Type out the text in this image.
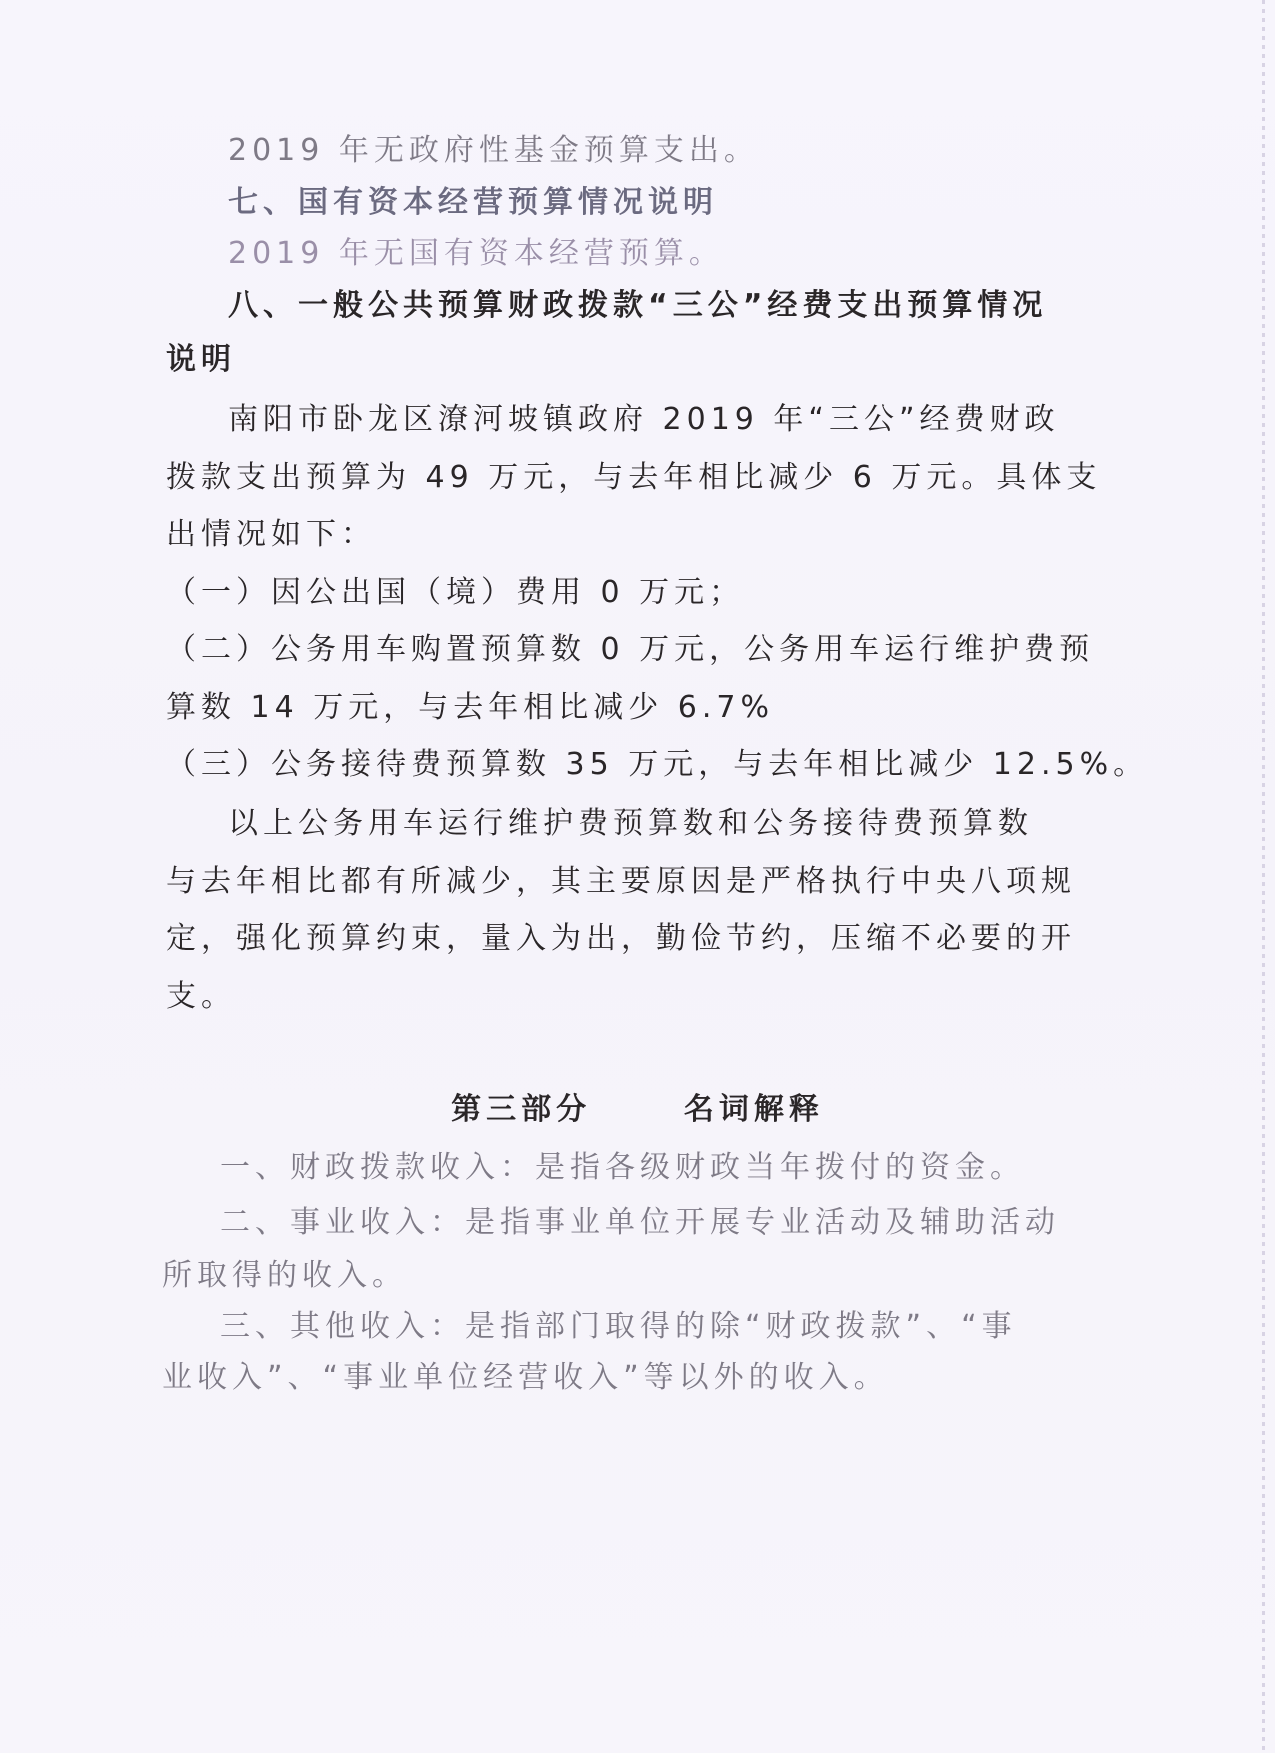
2019 年无政府性基金预算支出。
七、国有资本经营预算情况说明
2019 年无国有资本经营预算。
八、一般公共预算财政拨款“三公”经费支出预算情况
说明
南阳市卧龙区潦河坡镇政府 2019 年“三公”经费财政
拨款支出预算为 49 万元，与去年相比减少 6 万元。具体支
出情况如下：
（一）因公出国（境）费用 0 万元；
（二）公务用车购置预算数 0 万元，公务用车运行维护费预
算数 14 万元，与去年相比减少 6.7%
（三）公务接待费预算数 35 万元，与去年相比减少 12.5%。
以上公务用车运行维护费预算数和公务接待费预算数
与去年相比都有所减少，其主要原因是严格执行中央八项规
定，强化预算约束，量入为出，勤俭节约，压缩不必要的开
支。
第三部分      名词解释
一、财政拨款收入：是指各级财政当年拨付的资金。
二、事业收入：是指事业单位开展专业活动及辅助活动
所取得的收入。
三、其他收入：是指部门取得的除“财政拨款”、“事
业收入”、“事业单位经营收入”等以外的收入。
